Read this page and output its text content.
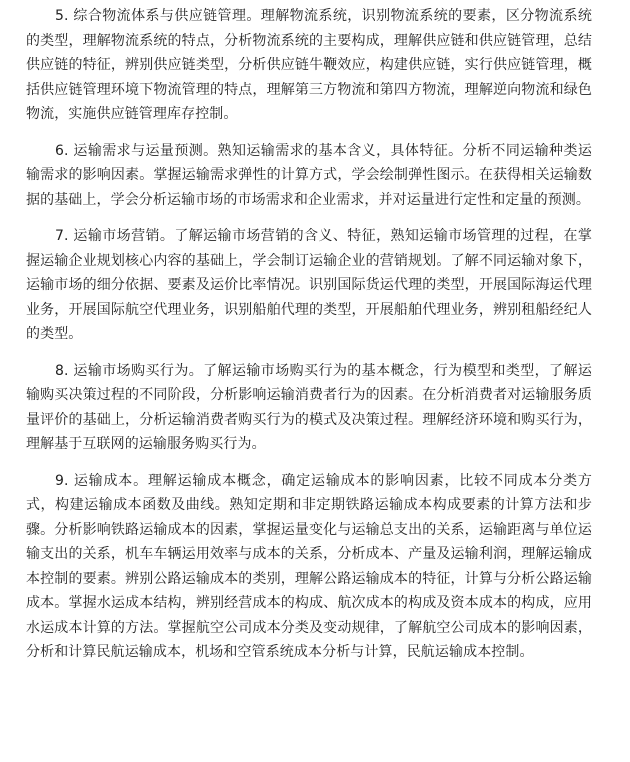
5. 综合物流体系与供应链管理。理解物流系统，识别物流系统的要素，区分物流系统的类型，理解物流系统的特点，分析物流系统的主要构成，理解供应链和供应链管理，总结供应链的特征，辨别供应链类型，分析供应链牛鞭效应，构建供应链，实行供应链管理，概括供应链管理环境下物流管理的特点，理解第三方物流和第四方物流，理解逆向物流和绿色物流，实施供应链管理库存控制。

6. 运输需求与运量预测。熟知运输需求的基本含义，具体特征。分析不同运输种类运输需求的影响因素。掌握运输需求弹性的计算方式，学会绘制弹性图示。在获得相关运输数据的基础上，学会分析运输市场的市场需求和企业需求，并对运量进行定性和定量的预测。

7. 运输市场营销。了解运输市场营销的含义、特征，熟知运输市场管理的过程，在掌握运输企业规划核心内容的基础上，学会制订运输企业的营销规划。了解不同运输对象下，运输市场的细分依据、要素及运价比率情况。识别国际货运代理的类型，开展国际海运代理业务，开展国际航空代理业务，识别船舶代理的类型，开展船舶代理业务，辨别租船经纪人的类型。

8. 运输市场购买行为。了解运输市场购买行为的基本概念，行为模型和类型，了解运输购买决策过程的不同阶段，分析影响运输消费者行为的因素。在分析消费者对运输服务质量评价的基础上，分析运输消费者购买行为的模式及决策过程。理解经济环境和购买行为，理解基于互联网的运输服务购买行为。

9. 运输成本。理解运输成本概念，确定运输成本的影响因素，比较不同成本分类方式，构建运输成本函数及曲线。熟知定期和非定期铁路运输成本构成要素的计算方法和步骤。分析影响铁路运输成本的因素，掌握运量变化与运输总支出的关系，运输距离与单位运输支出的关系，机车车辆运用效率与成本的关系，分析成本、产量及运输利润，理解运输成本控制的要素。辨别公路运输成本的类别，理解公路运输成本的特征，计算与分析公路运输成本。掌握水运成本结构，辨别经营成本的构成、航次成本的构成及资本成本的构成，应用水运成本计算的方法。掌握航空公司成本分类及变动规律，了解航空公司成本的影响因素，分析和计算民航运输成本，机场和空管系统成本分析与计算，民航运输成本控制。
